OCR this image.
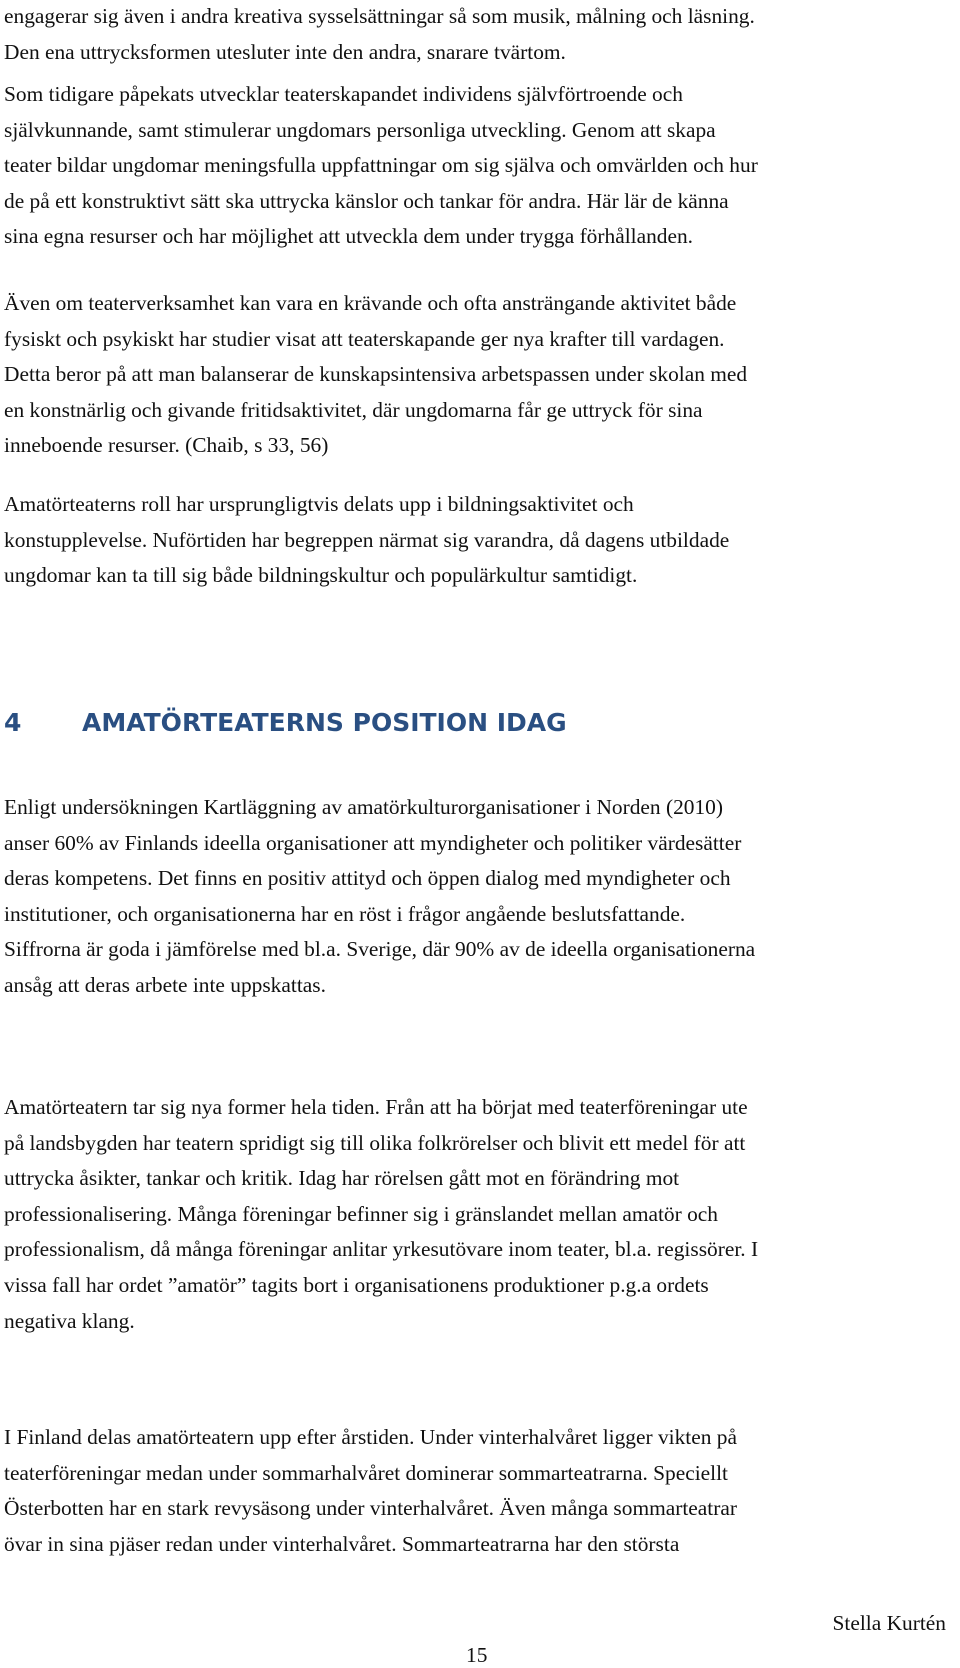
engagerar sig även i andra kreativa sysselsättningar så som musik, målning och läsning.
Den ena uttrycksformen utesluter inte den andra, snarare tvärtom.

Som tidigare påpekats utvecklar teaterskapandet individens självförtroende och
självkunnande, samt stimulerar ungdomars personliga utveckling. Genom att skapa
teater bildar ungdomar meningsfulla uppfattningar om sig själva och omvärlden och hur
de på ett konstruktivt sätt ska uttrycka känslor och tankar för andra. Här lär de känna
sina egna resurser och har möjlighet att utveckla dem under trygga förhållanden.

Även om teaterverksamhet kan vara en krävande och ofta ansträngande aktivitet både
fysiskt och psykiskt har studier visat att teaterskapande ger nya krafter till vardagen.
Detta beror på att man balanserar de kunskapsintensiva arbetspassen under skolan med
en konstnärlig och givande fritidsaktivitet, där ungdomarna får ge uttryck för sina
inneboende resurser. (Chaib, s 33, 56)

Amatörteaterns roll har ursprungligtvis delats upp i bildningsaktivitet och
konstupplevelse. Nuförtiden har begreppen närmat sig varandra, då dagens utbildade
ungdomar kan ta till sig både bildningskultur och populärkultur samtidigt.

4 AMATÖRTEATERNS POSITION IDAG

Enligt undersökningen Kartläggning av amatörkulturorganisationer i Norden (2010)
anser 60% av Finlands ideella organisationer att myndigheter och politiker värdesätter
deras kompetens. Det finns en positiv attityd och öppen dialog med myndigheter och
institutioner, och organisationerna har en röst i frågor angående beslutsfattande.
Siffrorna är goda i jämförelse med bl.a. Sverige, där 90% av de ideella organisationerna
ansåg att deras arbete inte uppskattas.

Amatörteatern tar sig nya former hela tiden. Från att ha börjat med teaterföreningar ute
på landsbygden har teatern spridigt sig till olika folkrörelser och blivit ett medel för att
uttrycka åsikter, tankar och kritik. Idag har rörelsen gått mot en förändring mot
professionalisering. Många föreningar befinner sig i gränslandet mellan amatör och
professionalism, då många föreningar anlitar yrkesutövare inom teater, bl.a. regissörer. I
vissa fall har ordet ”amatör” tagits bort i organisationens produktioner p.g.a ordets
negativa klang.

I Finland delas amatörteatern upp efter årstiden. Under vinterhalvåret ligger vikten på
teaterföreningar medan under sommarhalvåret dominerar sommarteatrarna. Speciellt
Österbotten har en stark revysäsong under vinterhalvåret. Även många sommarteatrar
övar in sina pjäser redan under vinterhalvåret. Sommarteatrarna har den största

Stella Kurtén
15
